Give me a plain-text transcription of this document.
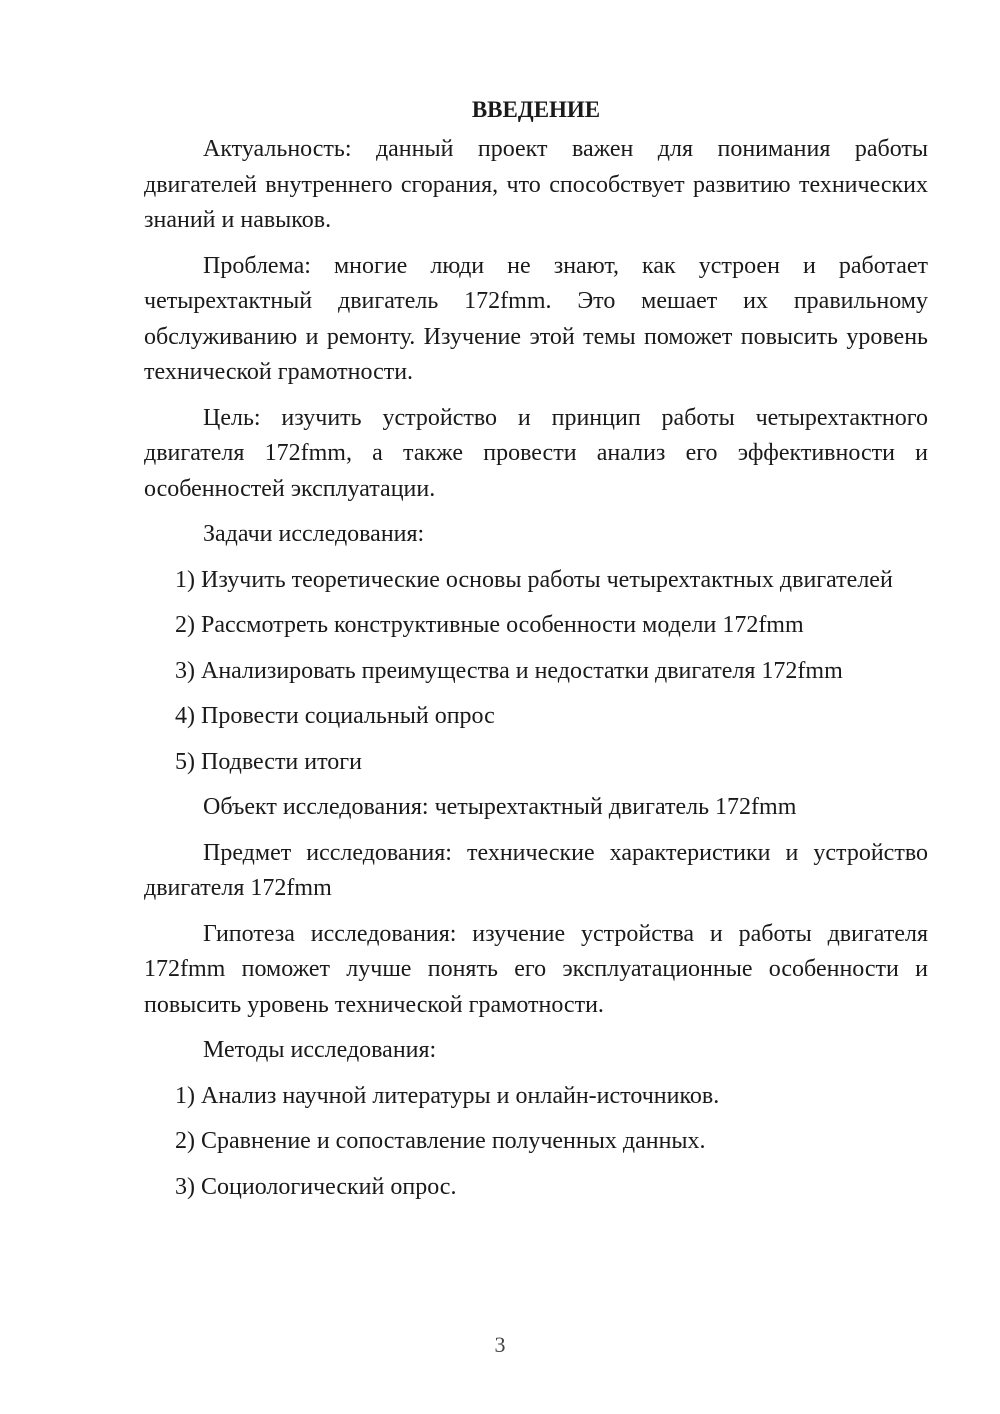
ВВЕДЕНИЕ

Актуальность: данный проект важен для понимания работы двигателей внутреннего сгорания, что способствует развитию технических знаний и навыков.

Проблема: многие люди не знают, как устроен и работает четырехтактный двигатель 172fmm. Это мешает их правильному обслуживанию и ремонту. Изучение этой темы поможет повысить уровень технической грамотности.

Цель: изучить устройство и принцип работы четырехтактного двигателя 172fmm, а также провести анализ его эффективности и особенностей эксплуатации.

Задачи исследования:

1) Изучить теоретические основы работы четырехтактных двигателей
2) Рассмотреть конструктивные особенности модели 172fmm
3) Анализировать преимущества и недостатки двигателя 172fmm
4) Провести социальный опрос
5) Подвести итоги

Объект исследования: четырехтактный двигатель 172fmm

Предмет исследования: технические характеристики и устройство двигателя 172fmm

Гипотеза исследования: изучение устройства и работы двигателя 172fmm поможет лучше понять его эксплуатационные особенности и повысить уровень технической грамотности.

Методы исследования:

1) Анализ научной литературы и онлайн-источников.
2) Сравнение и сопоставление полученных данных.
3) Социологический опрос.
3
